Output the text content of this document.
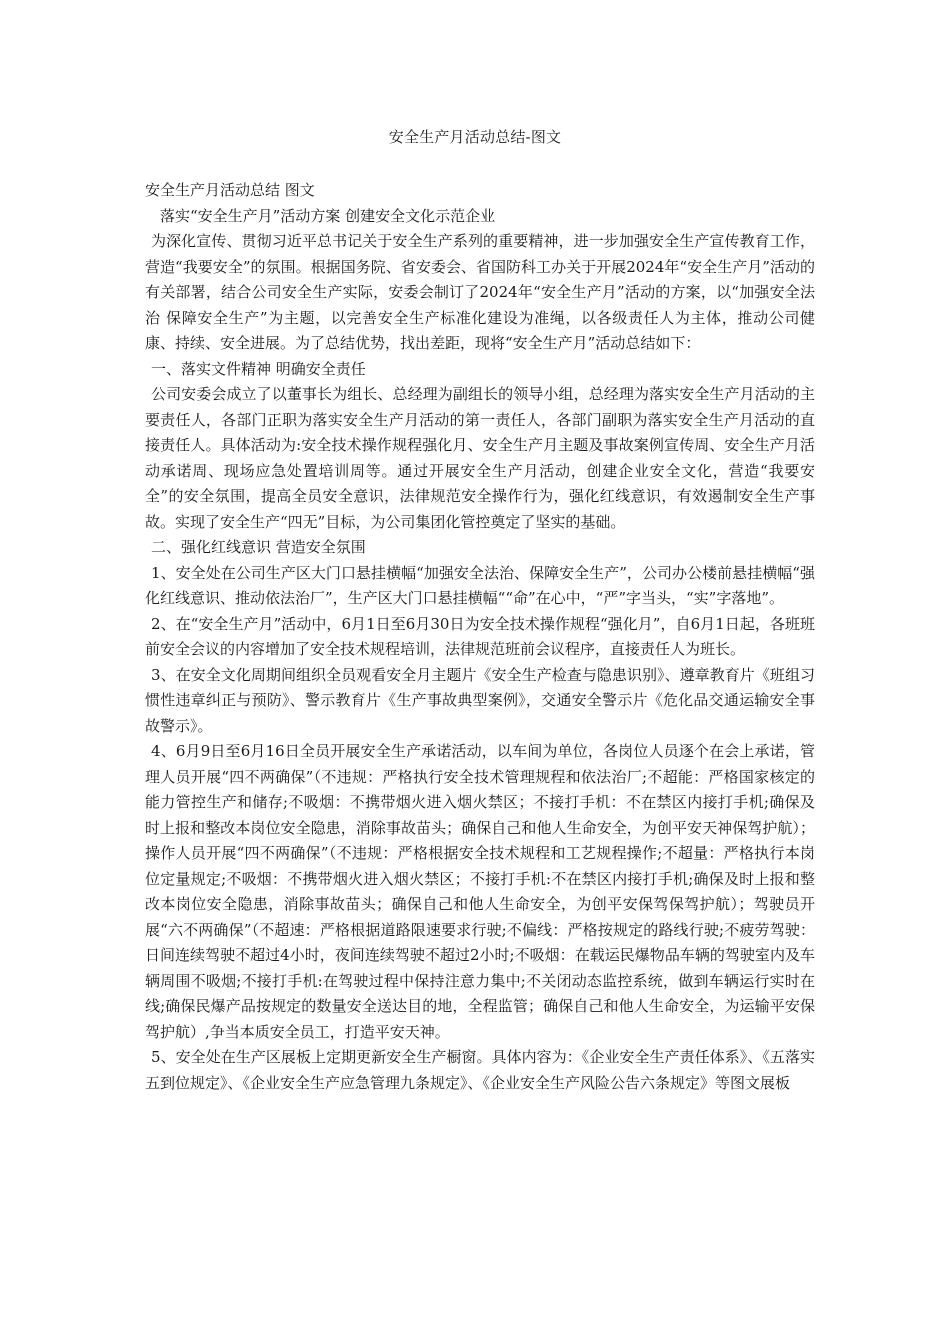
安全生产月活动总结-图文

安全生产月活动总结 图文

落实“安全生产月”活动方案 创建安全文化示范企业

为深化宣传、贯彻习近平总书记关于安全生产系列的重要精神，进一步加强安全生产宣传教育工作，营造“我要安全”的氛围。根据国务院、省安委会、省国防科工办关于开展2024年“安全生产月”活动的有关部署，结合公司安全生产实际，安委会制订了2024年“安全生产月”活动的方案，以“加强安全法治 保障安全生产”为主题，以完善安全生产标准化建设为准绳，以各级责任人为主体，推动公司健康、持续、安全进展。为了总结优势，找出差距，现将“安全生产月”活动总结如下：

一、落实文件精神 明确安全责任

公司安委会成立了以董事长为组长、总经理为副组长的领导小组，总经理为落实安全生产月活动的主要责任人，各部门正职为落实安全生产月活动的第一责任人，各部门副职为落实安全生产月活动的直接责任人。具体活动为:安全技术操作规程强化月、安全生产月主题及事故案例宣传周、安全生产月活动承诺周、现场应急处置培训周等。通过开展安全生产月活动，创建企业安全文化，营造“我要安全”的安全氛围，提高全员安全意识，法律规范安全操作行为，强化红线意识，有效遏制安全生产事故。实现了安全生产“四无”目标，为公司集团化管控奠定了坚实的基础。

二、强化红线意识 营造安全氛围

1、安全处在公司生产区大门口悬挂横幅“加强安全法治、保障安全生产”，公司办公楼前悬挂横幅“强化红线意识、推动依法治厂”，生产区大门口悬挂横幅““命”在心中，“严”字当头，“实”字落地”。

2、在“安全生产月”活动中，6月1日至6月30日为安全技术操作规程“强化月”，自6月1日起，各班班前安全会议的内容增加了安全技术规程培训，法律规范班前会议程序，直接责任人为班长。

3、在安全文化周期间组织全员观看安全月主题片《安全生产检查与隐患识别》、遵章教育片《班组习惯性违章纠正与预防》、警示教育片《生产事故典型案例》，交通安全警示片《危化品交通运输安全事故警示》。

4、6月9日至6月16日全员开展安全生产承诺活动，以车间为单位，各岗位人员逐个在会上承诺，管理人员开展“四不两确保”（不违规：严格执行安全技术管理规程和依法治厂;不超能：严格国家核定的能力管控生产和储存;不吸烟：不携带烟火进入烟火禁区；不接打手机：不在禁区内接打手机;确保及时上报和整改本岗位安全隐患，消除事故苗头；确保自己和他人生命安全，为创平安天神保驾护航）；操作人员开展“四不两确保”（不违规：严格根据安全技术规程和工艺规程操作;不超量：严格执行本岗位定量规定;不吸烟：不携带烟火进入烟火禁区；不接打手机:不在禁区内接打手机;确保及时上报和整改本岗位安全隐患，消除事故苗头；确保自己和他人生命安全，为创平安保驾保驾护航）；驾驶员开展“六不两确保”（不超速：严格根据道路限速要求行驶;不偏线：严格按规定的路线行驶;不疲劳驾驶：日间连续驾驶不超过4小时，夜间连续驾驶不超过2小时;不吸烟：在载运民爆物品车辆的驾驶室内及车辆周围不吸烟;不接打手机:在驾驶过程中保持注意力集中;不关闭动态监控系统，做到车辆运行实时在线;确保民爆产品按规定的数量安全送达目的地，全程监管；确保自己和他人生命安全，为运输平安保驾护航）,争当本质安全员工，打造平安天神。

5、安全处在生产区展板上定期更新安全生产橱窗。具体内容为：《企业安全生产责任体系》、《五落实五到位规定》、《企业安全生产应急管理九条规定》、《企业安全生产风险公告六条规定》等图文展板
